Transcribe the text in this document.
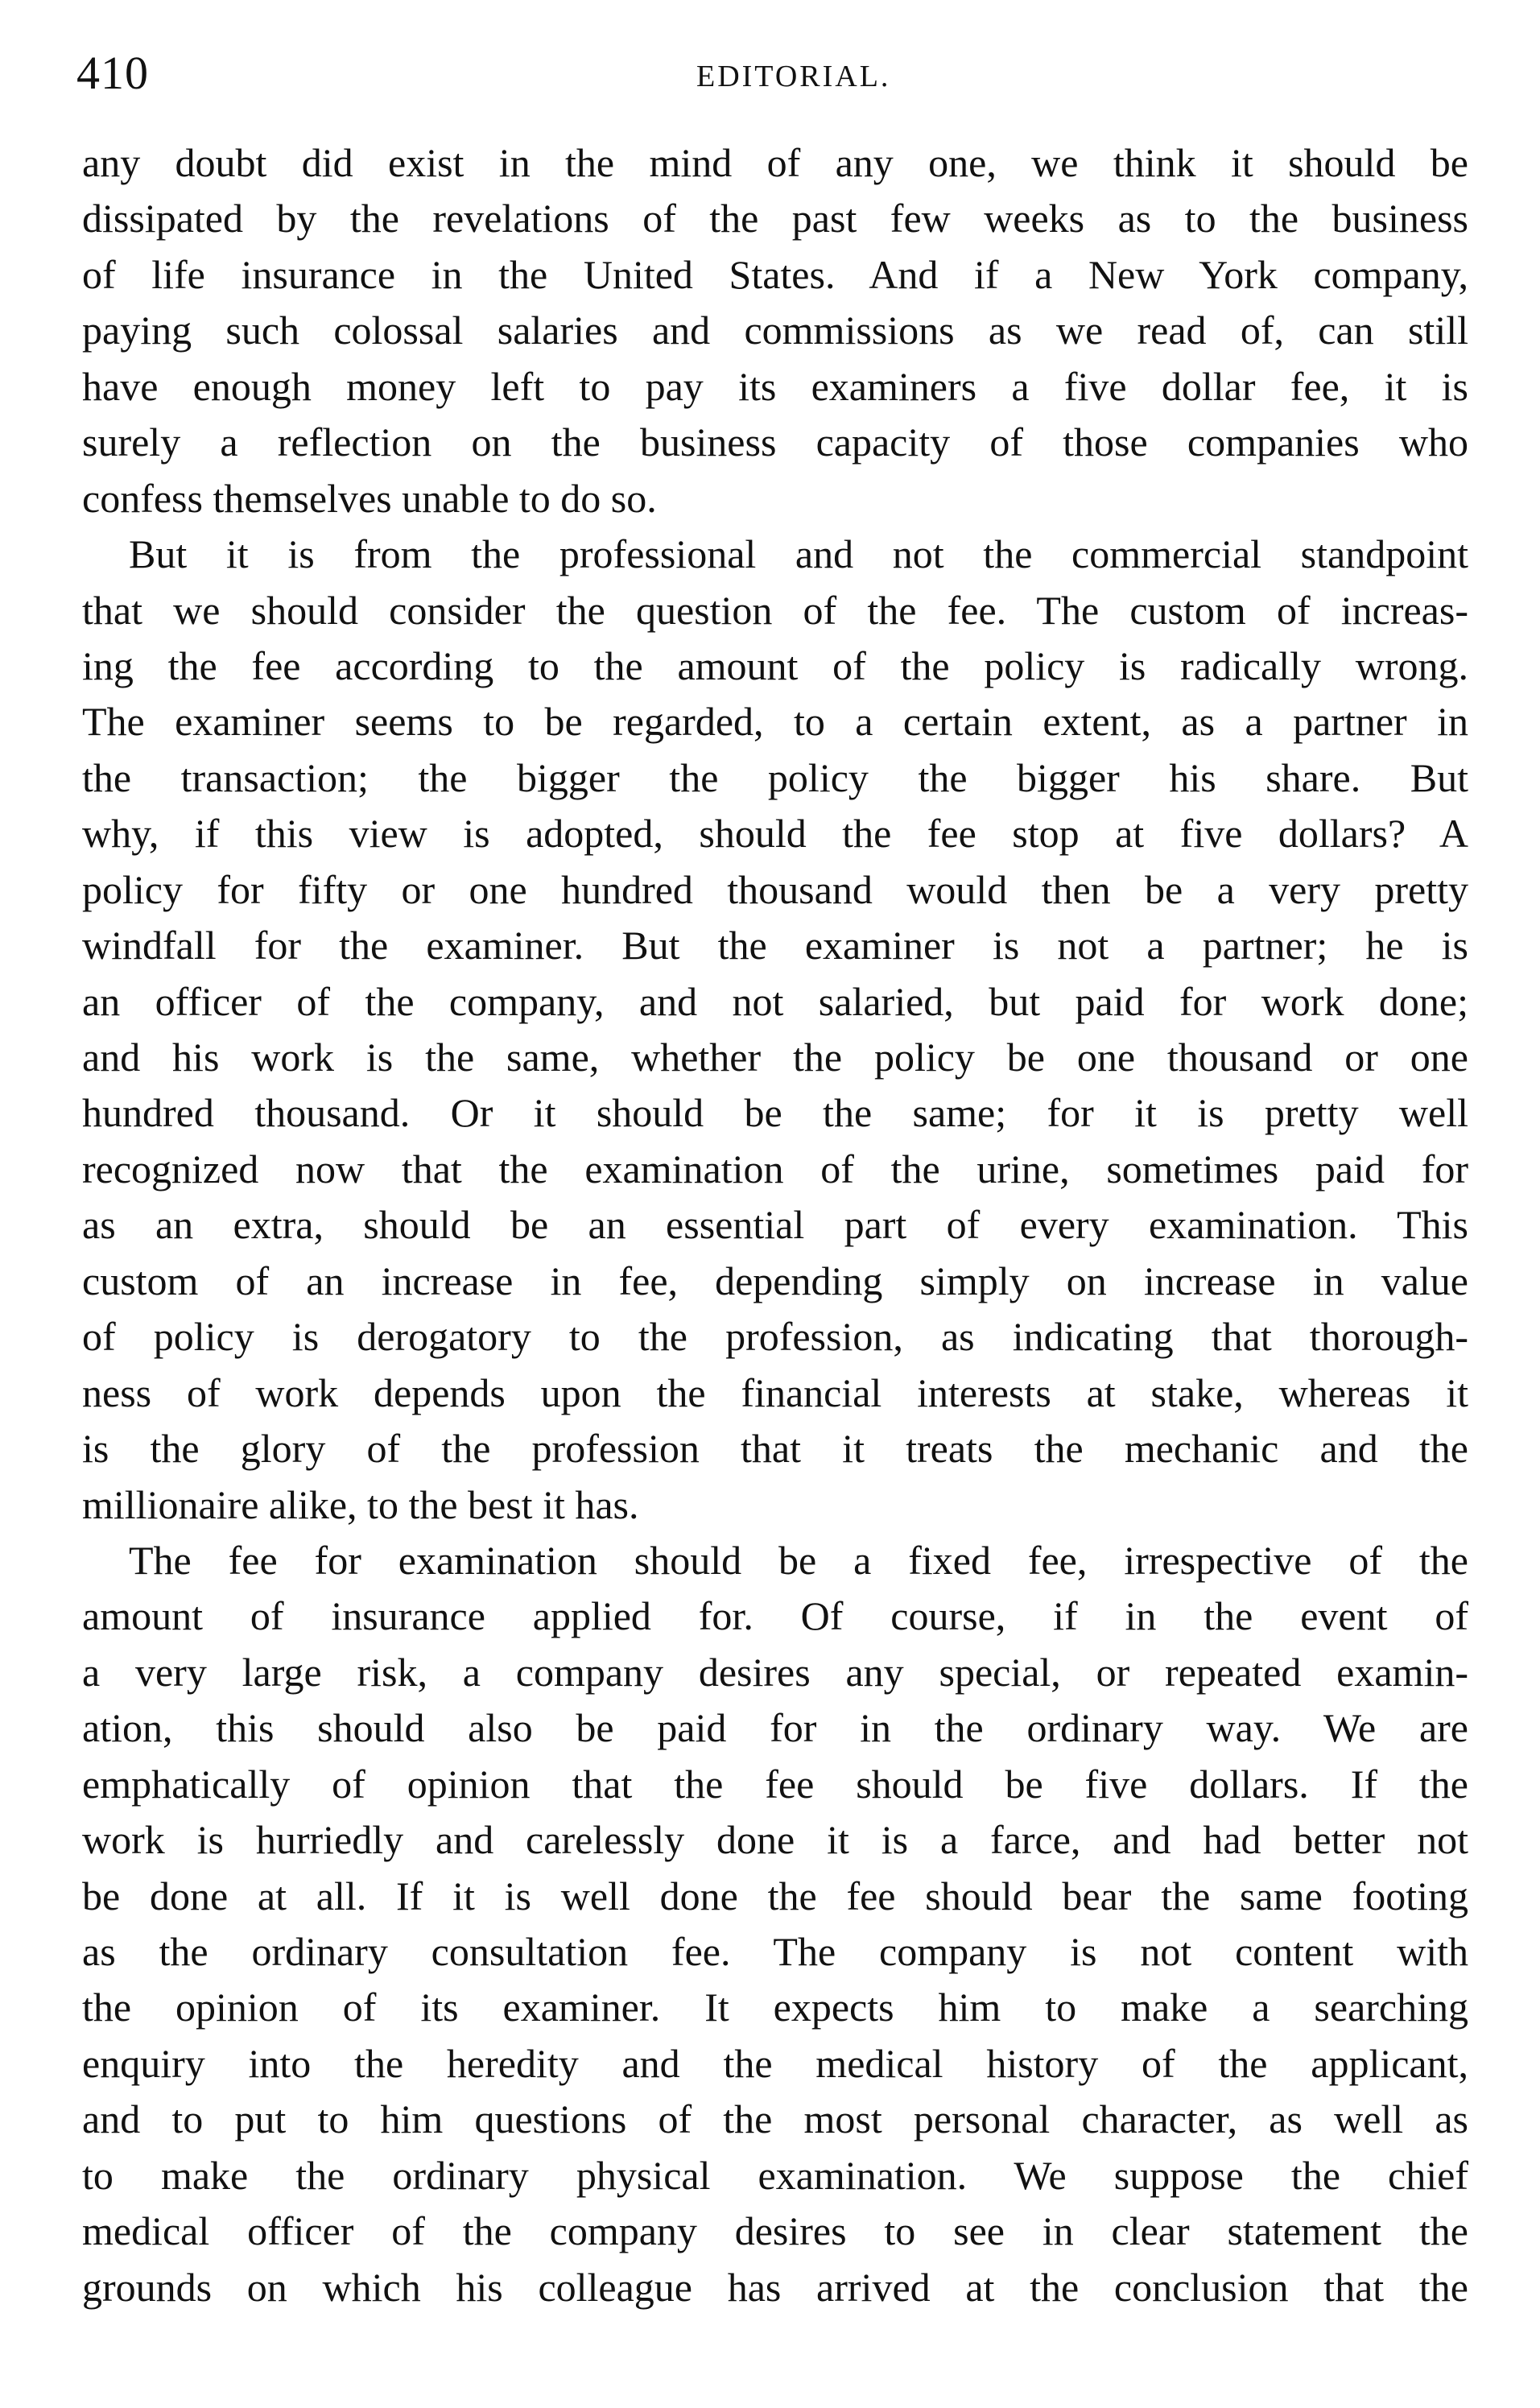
410	EDITORIAL.
any doubt did exist in the mind of any one, we think it should be
dissipated by the revelations of the past few weeks as to the business
of life insurance in the United States. And if a New York company,
paying such colossal salaries and commissions as we read of, can still
have enough money left to pay its examiners a five dollar fee, it is
surely a reflection on the business capacity of those companies who
confess themselves unable to do so.
But it is from the professional and not the commercial standpoint
that we should consider the question of the fee. The custom of increas-
ing the fee according to the amount of the policy is radically wrong.
The examiner seems to be regarded, to a certain extent, as a partner in
the transaction; the bigger the policy the bigger his share. But
why, if this view is adopted, should the fee stop at five dollars? A
policy for fifty or one hundred thousand would then be a very pretty
windfall for the examiner. But the examiner is not a partner; he is
an officer of the company, and not salaried, but paid for work done;
and his work is the same, whether the policy be one thousand or one
hundred thousand. Or it should be the same; for it is pretty well
recognized now that the examination of the urine, sometimes paid for
as an extra, should be an essential part of every examination. This
custom of an increase in fee, depending simply on increase in value
of policy is derogatory to the profession, as indicating that thorough-
ness of work depends upon the financial interests at stake, whereas it
is the glory of the profession that it treats the mechanic and the
millionaire alike, to the best it has.
The fee for examination should be a fixed fee, irrespective of the
amount of insurance applied for. Of course, if in the event of
a very large risk, a company desires any special, or repeated examin-
ation, this should also be paid for in the ordinary way. We are
emphatically of opinion that the fee should be five dollars. If the
work is hurriedly and carelessly done it is a farce, and had better not
be done at all. If it is well done the fee should bear the same footing
as the ordinary consultation fee. The company is not content with
the opinion of its examiner. It expects him to make a searching
enquiry into the heredity and the medical history of the applicant,
and to put to him questions of the most personal character, as well as
to make the ordinary physical examination. We suppose the chief
medical officer of the company desires to see in clear statement the
grounds on which his colleague has arrived at the conclusion that the
